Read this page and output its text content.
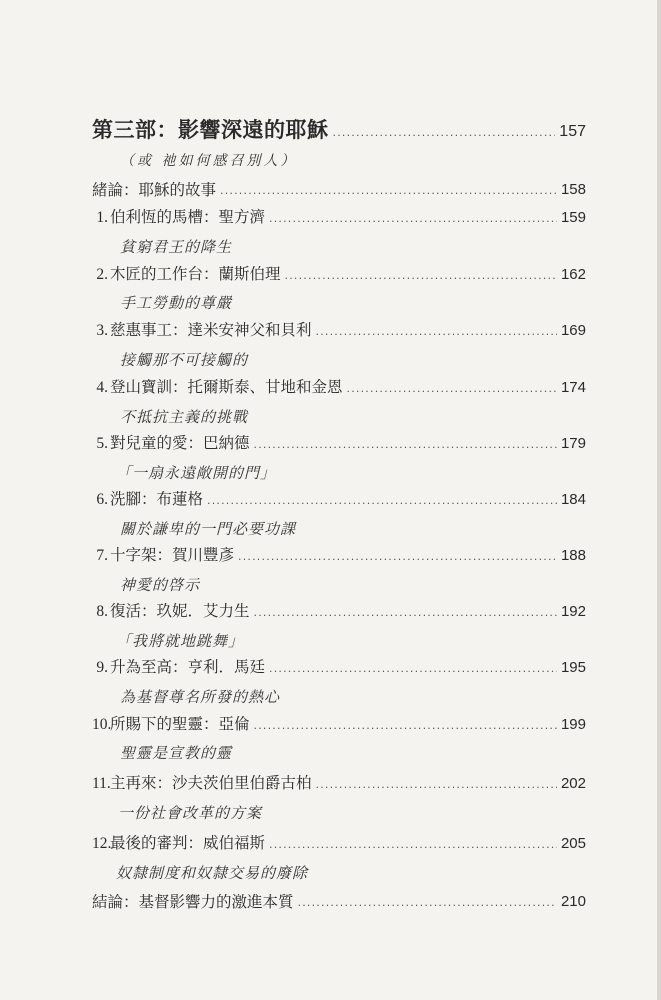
第三部：影響深遠的耶穌 .....	157
（或 祂如何感召別人）
緒論：耶穌的故事 .....	158
1. 伯利恆的馬槽：聖方濟 .....	159
貧窮君王的降生
2. 木匠的工作台：蘭斯伯理 .....	162
手工勞動的尊嚴
3. 慈惠事工：達米安神父和貝利 .....	169
接觸那不可接觸的
4. 登山寶訓：托爾斯泰、甘地和金恩 .....	174
不抵抗主義的挑戰
5. 對兒童的愛：巴納德 .....	179
「一扇永遠敞開的門」
6. 洗腳：布蓮格 .....	184
關於謙卑的一門必要功課
7. 十字架：賀川豐彥 .....	188
神愛的啓示
8. 復活：玖妮．艾力生 .....	192
「我將就地跳舞」
9. 升為至高：亨利．馬廷 .....	195
為基督尊名所發的熱心
10.所賜下的聖靈：亞倫 .....	199
聖靈是宣教的靈
11.主再來：沙夫茨伯里伯爵古柏 .....	202
一份社會改革的方案
12.最後的審判：威伯福斯 .....	205
奴隸制度和奴隸交易的廢除
結論：基督影響力的激進本質 .....	210
